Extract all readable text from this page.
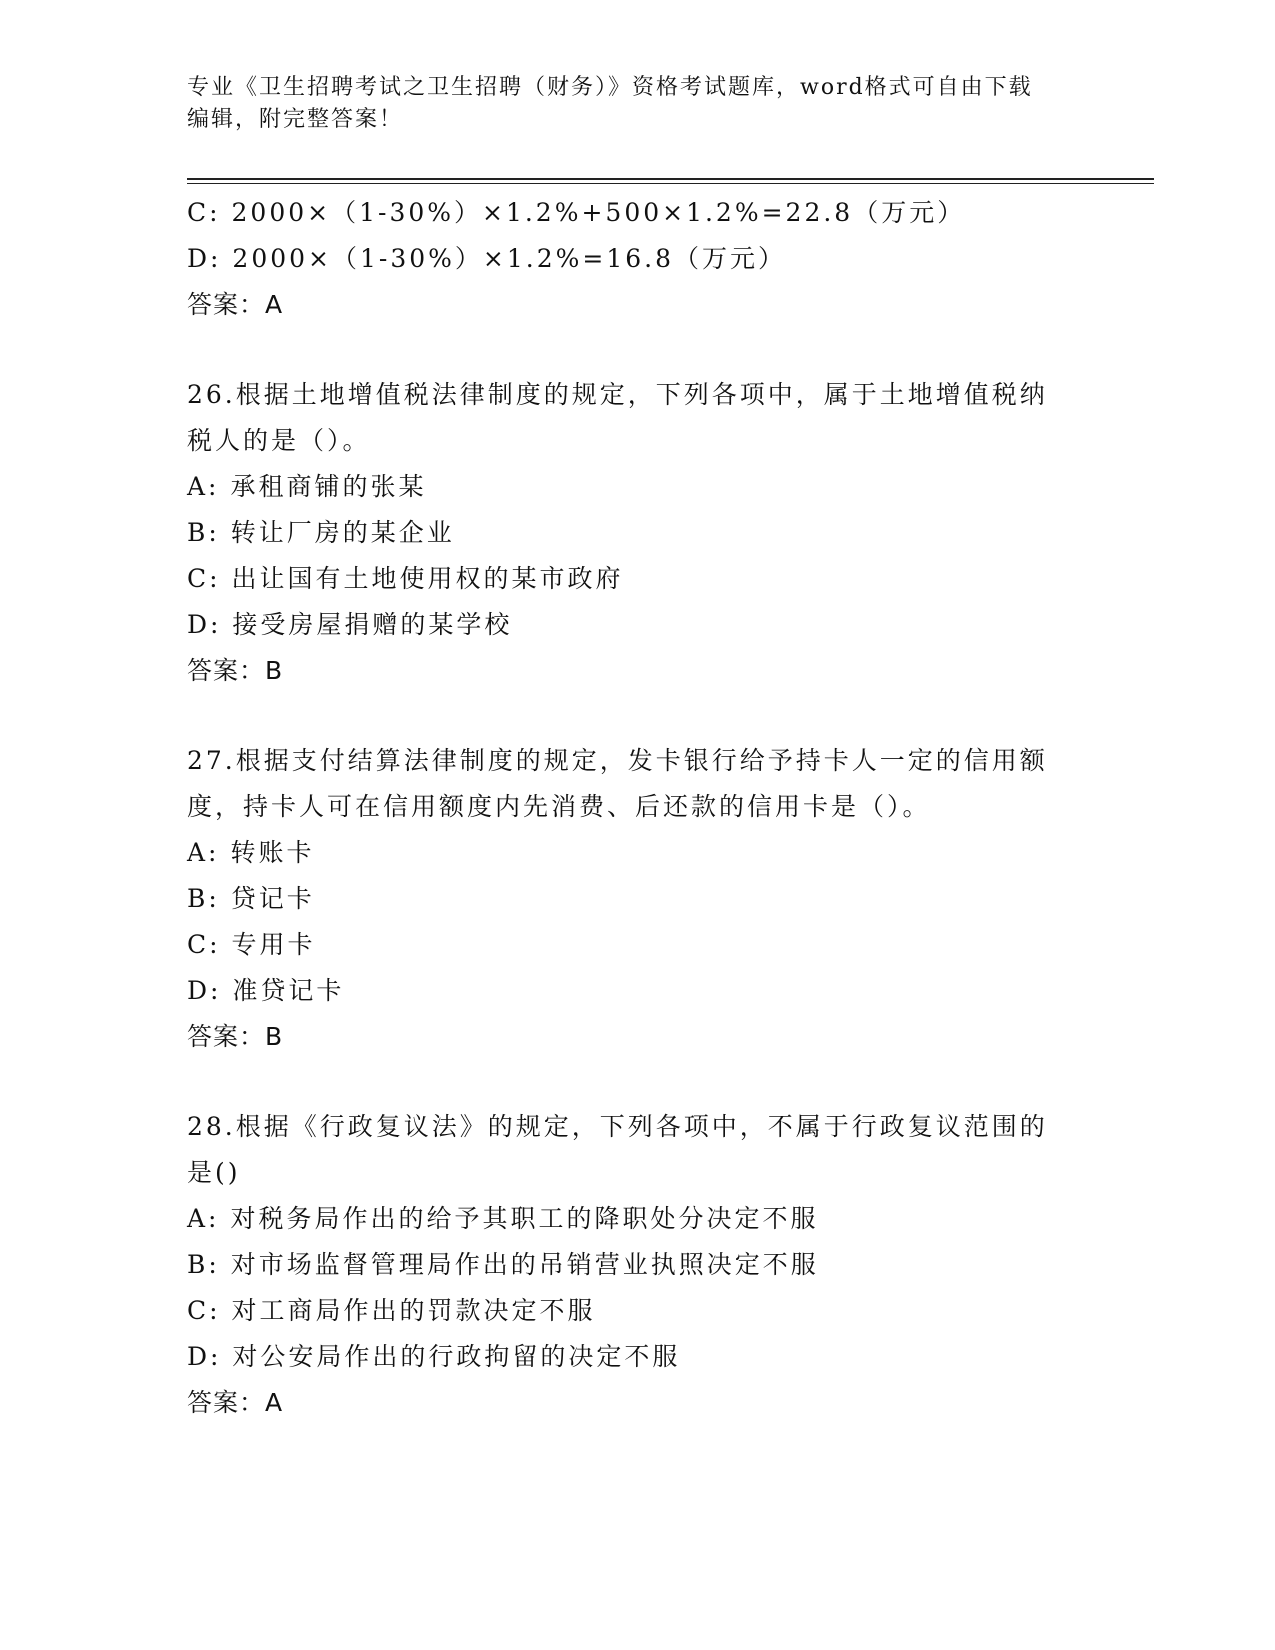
专业《卫生招聘考试之卫生招聘（财务）》资格考试题库，word格式可自由下载
编辑，附完整答案！
C: 2000×（1-30%）×1.2%+500×1.2%=22.8（万元）
D: 2000×（1-30%）×1.2%=16.8（万元）
答案：A
26.根据土地增值税法律制度的规定，下列各项中，属于土地增值税纳
税人的是（）。
A: 承租商铺的张某
B: 转让厂房的某企业
C: 出让国有土地使用权的某市政府
D: 接受房屋捐赠的某学校
答案：B
27.根据支付结算法律制度的规定，发卡银行给予持卡人一定的信用额
度，持卡人可在信用额度内先消费、后还款的信用卡是（）。
A: 转账卡
B: 贷记卡
C: 专用卡
D: 准贷记卡
答案：B
28.根据《行政复议法》的规定，下列各项中，不属于行政复议范围的
是()
A: 对税务局作出的给予其职工的降职处分决定不服
B: 对市场监督管理局作出的吊销营业执照决定不服
C: 对工商局作出的罚款决定不服
D: 对公安局作出的行政拘留的决定不服
答案：A
